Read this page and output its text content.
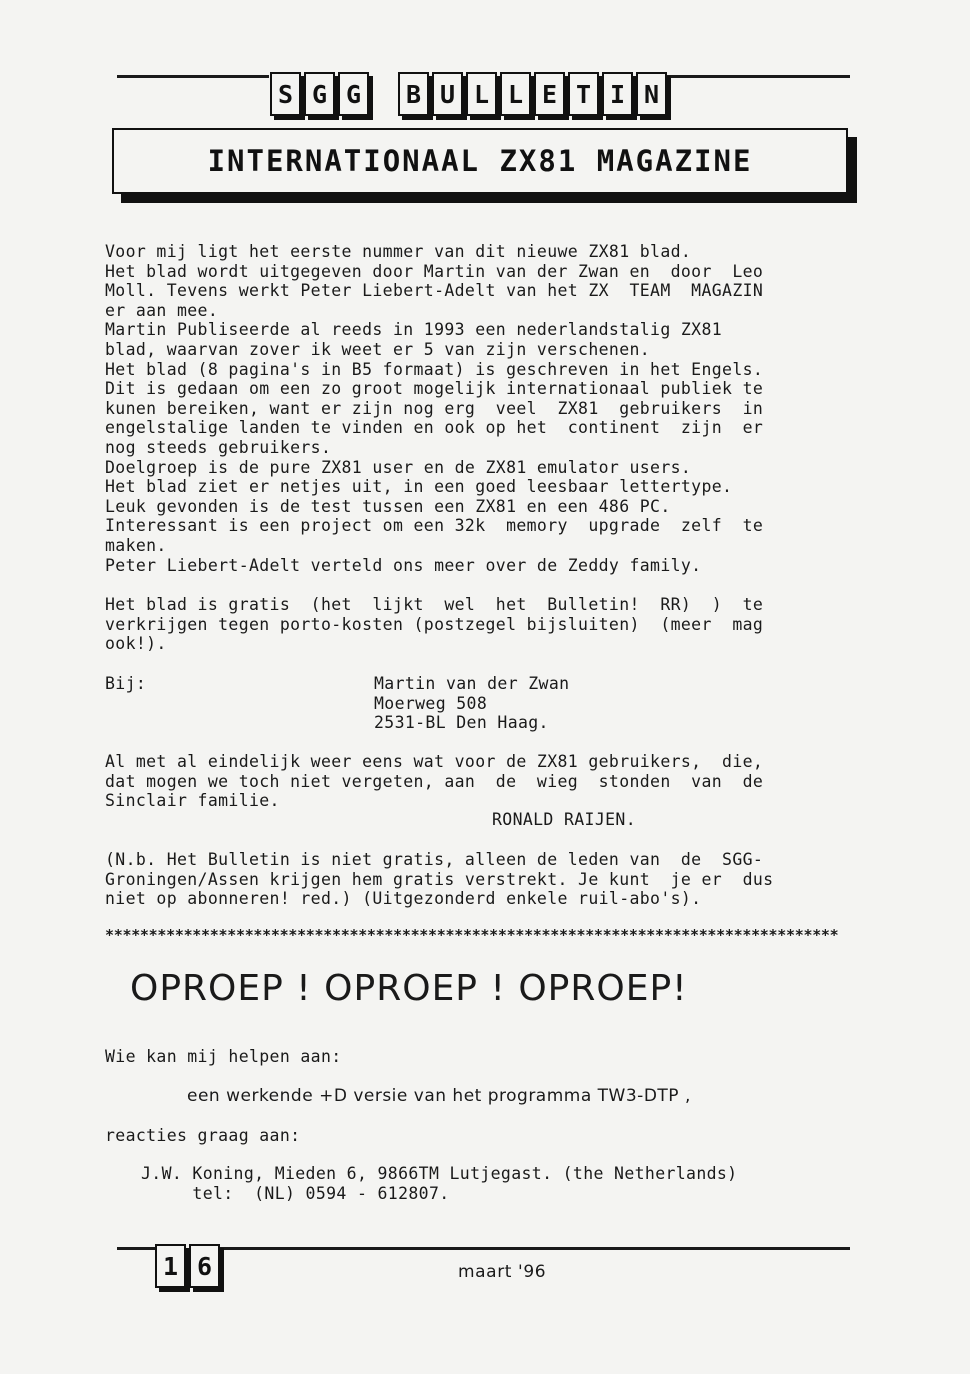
S G G	B U L L E T I N
INTERNATIONAAL ZX81 MAGAZINE
Voor mij ligt het eerste nummer van dit nieuwe ZX81 blad.
Het blad wordt uitgegeven door Martin van der Zwan en  door  Leo
Moll. Tevens werkt Peter Liebert-Adelt van het ZX  TEAM  MAGAZIN
er aan mee.
Martin Publiseerde al reeds in 1993 een nederlandstalig ZX81
blad, waarvan zover ik weet er 5 van zijn verschenen.
Het blad (8 pagina's in B5 formaat) is geschreven in het Engels.
Dit is gedaan om een zo groot mogelijk internationaal publiek te
kunen bereiken, want er zijn nog erg  veel  ZX81  gebruikers  in
engelstalige landen te vinden en ook op het  continent  zijn  er
nog steeds gebruikers.
Doelgroep is de pure ZX81 user en de ZX81 emulator users.
Het blad ziet er netjes uit, in een goed leesbaar lettertype.
Leuk gevonden is de test tussen een ZX81 en een 486 PC.
Interessant is een project om een 32k  memory  upgrade  zelf  te
maken.
Peter Liebert-Adelt verteld ons meer over de Zeddy family.
Het blad is gratis  (het  lijkt  wel  het  Bulletin!  RR)  )  te
verkrijgen tegen porto-kosten (postzegel bijsluiten)  (meer  mag
ook!).
Bij:	Martin van der Zwan
Moerweg 508
2531-BL Den Haag.
Al met al eindelijk weer eens wat voor de ZX81 gebruikers,  die,
dat mogen we toch niet vergeten, aan  de  wieg  stonden  van  de
Sinclair familie.
RONALD RAIJEN.
(N.b. Het Bulletin is niet gratis, alleen de leden van  de  SGG-
Groningen/Assen krijgen hem gratis verstrekt. Je kunt  je er  dus
niet op abonneren! red.) (Uitgezonderd enkele ruil-abo's).
************************************************************************************
OPROEP ! OPROEP ! OPROEP!
Wie kan mij helpen aan:
een werkende +D versie van het programma TW3-DTP ,
reacties graag aan:
J.W. Koning, Mieden 6, 9866TM Lutjegast. (the Netherlands)
tel:  (NL) 0594 - 612807.
1 6	maart '96
